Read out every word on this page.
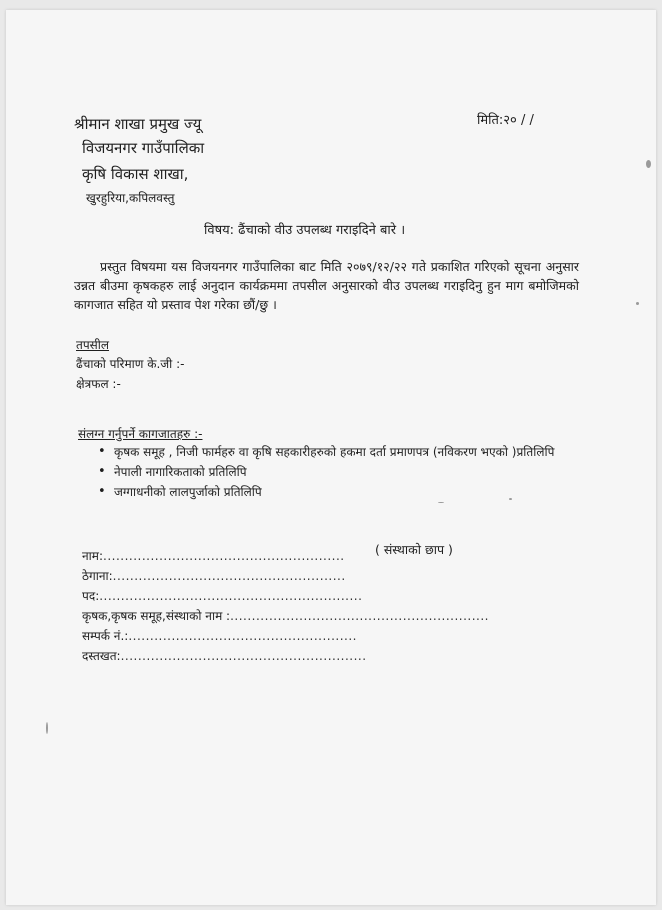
श्रीमान शाखा प्रमुख ज्यू
विजयनगर गाउँपालिका
कृषि विकास शाखा,
खुरहुरिया,कपिलवस्तु
मिति:२० / /
विषय: ढैंचाको वीउ उपलब्ध गराइदिने बारे ।
प्रस्तुत विषयमा यस विजयनगर गाउँपालिका बाट मिति २०७९/१२/२२ गते प्रकाशित गरिएको सूचना अनुसार उन्नत बीउमा कृषकहरु लाई अनुदान कार्यक्रममा तपसील अनुसारको वीउ उपलब्ध गराइदिनु हुन माग बमोजिमको कागजात सहित यो प्रस्ताव पेश गरेका छौं/छु ।
तपसील
ढैंचाको परिमाण के.जी :-
क्षेत्रफल :-
संलग्न गर्नुपर्ने कागजातहरु :-
• कृषक समूह , निजी फार्महरु वा कृषि सहकारीहरुको हकमा दर्ता प्रमाणपत्र (नविकरण भएको )प्रतिलिपि
• नेपाली नागारिकताको प्रतिलिपि
• जग्गाधनीको लालपुर्जाको प्रतिलिपि
नाम:........................................................ ( संस्थाको छाप )
ठेगाना:......................................................
पद:.............................................................
कृषक,कृषक समूह,संस्थाको नाम :............................................................
सम्पर्क नं.:.....................................................
दस्तखत:.........................................................
